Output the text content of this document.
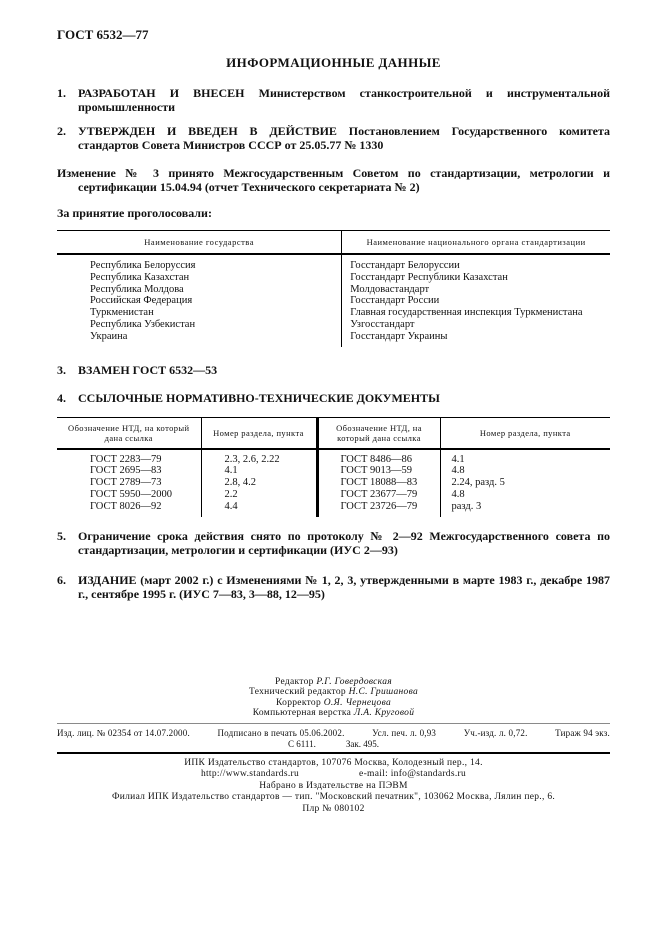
ГОСТ 6532—77
ИНФОРМАЦИОННЫЕ ДАННЫЕ
1.	РАЗРАБОТАН И ВНЕСЕН Министерством станкостроительной и инструментальной промышленности
2.	УТВЕРЖДЕН И ВВЕДЕН В ДЕЙСТВИЕ Постановлением Государственного комитета стандартов Совета Министров СССР от 25.05.77 № 1330
Изменение № 3 принято Межгосударственным Советом по стандартизации, метрологии и сертификации 15.04.94 (отчет Технического секретариата № 2)
За принятие проголосовали:
Наименование государства	Наименование национального органа стандартизации
Республика Белоруссия	Госстандарт Белоруссии
Республика Казахстан	Госстандарт Республики Казахстан
Республика Молдова	Молдовастандарт
Российская Федерация	Госстандарт России
Туркменистан	Главная государственная инспекция Туркменистана
Республика Узбекистан	Узгосстандарт
Украина	Госстандарт Украины
3.	ВЗАМЕН ГОСТ 6532—53
4.	ССЫЛОЧНЫЕ НОРМАТИВНО-ТЕХНИЧЕСКИЕ ДОКУМЕНТЫ
Обозначение НТД, на который дана ссылка	Номер раздела, пункта	Обозначение НТД, на который дана ссылка	Номер раздела, пункта
ГОСТ 2283—79	2.3, 2.6, 2.22	ГОСТ 8486—86	4.1
ГОСТ 2695—83	4.1	ГОСТ 9013—59	4.8
ГОСТ 2789—73	2.8, 4.2	ГОСТ 18088—83	2.24, разд. 5
ГОСТ 5950—2000	2.2	ГОСТ 23677—79	4.8
ГОСТ 8026—92	4.4	ГОСТ 23726—79	разд. 3
5.	Ограничение срока действия снято по протоколу № 2—92 Межгосударственного совета по стандартизации, метрологии и сертификации (ИУС 2—93)
6.	ИЗДАНИЕ (март 2002 г.) с Изменениями № 1, 2, 3, утвержденными в марте 1983 г., декабре 1987 г., сентябре 1995 г. (ИУС 7—83, 3—88, 12—95)
Редактор Р.Г. Говердовская
Технический редактор Н.С. Гришанова
Корректор О.Я. Чернецова
Компьютерная верстка Л.А. Круговой
Изд. лиц. № 02354 от 14.07.2000.	Подписано в печать 05.06.2002.	Усл. печ. л. 0,93	Уч.-изд. л. 0,72.	Тираж 94 экз.
С 6111.	Зак. 495.
ИПК Издательство стандартов, 107076 Москва, Колодезный пер., 14.
http://www.standards.ru	e-mail: info@standards.ru
Набрано в Издательстве на ПЭВМ
Филиал ИПК Издательство стандартов — тип. "Московский печатник", 103062 Москва, Лялин пер., 6.
Плр № 080102
